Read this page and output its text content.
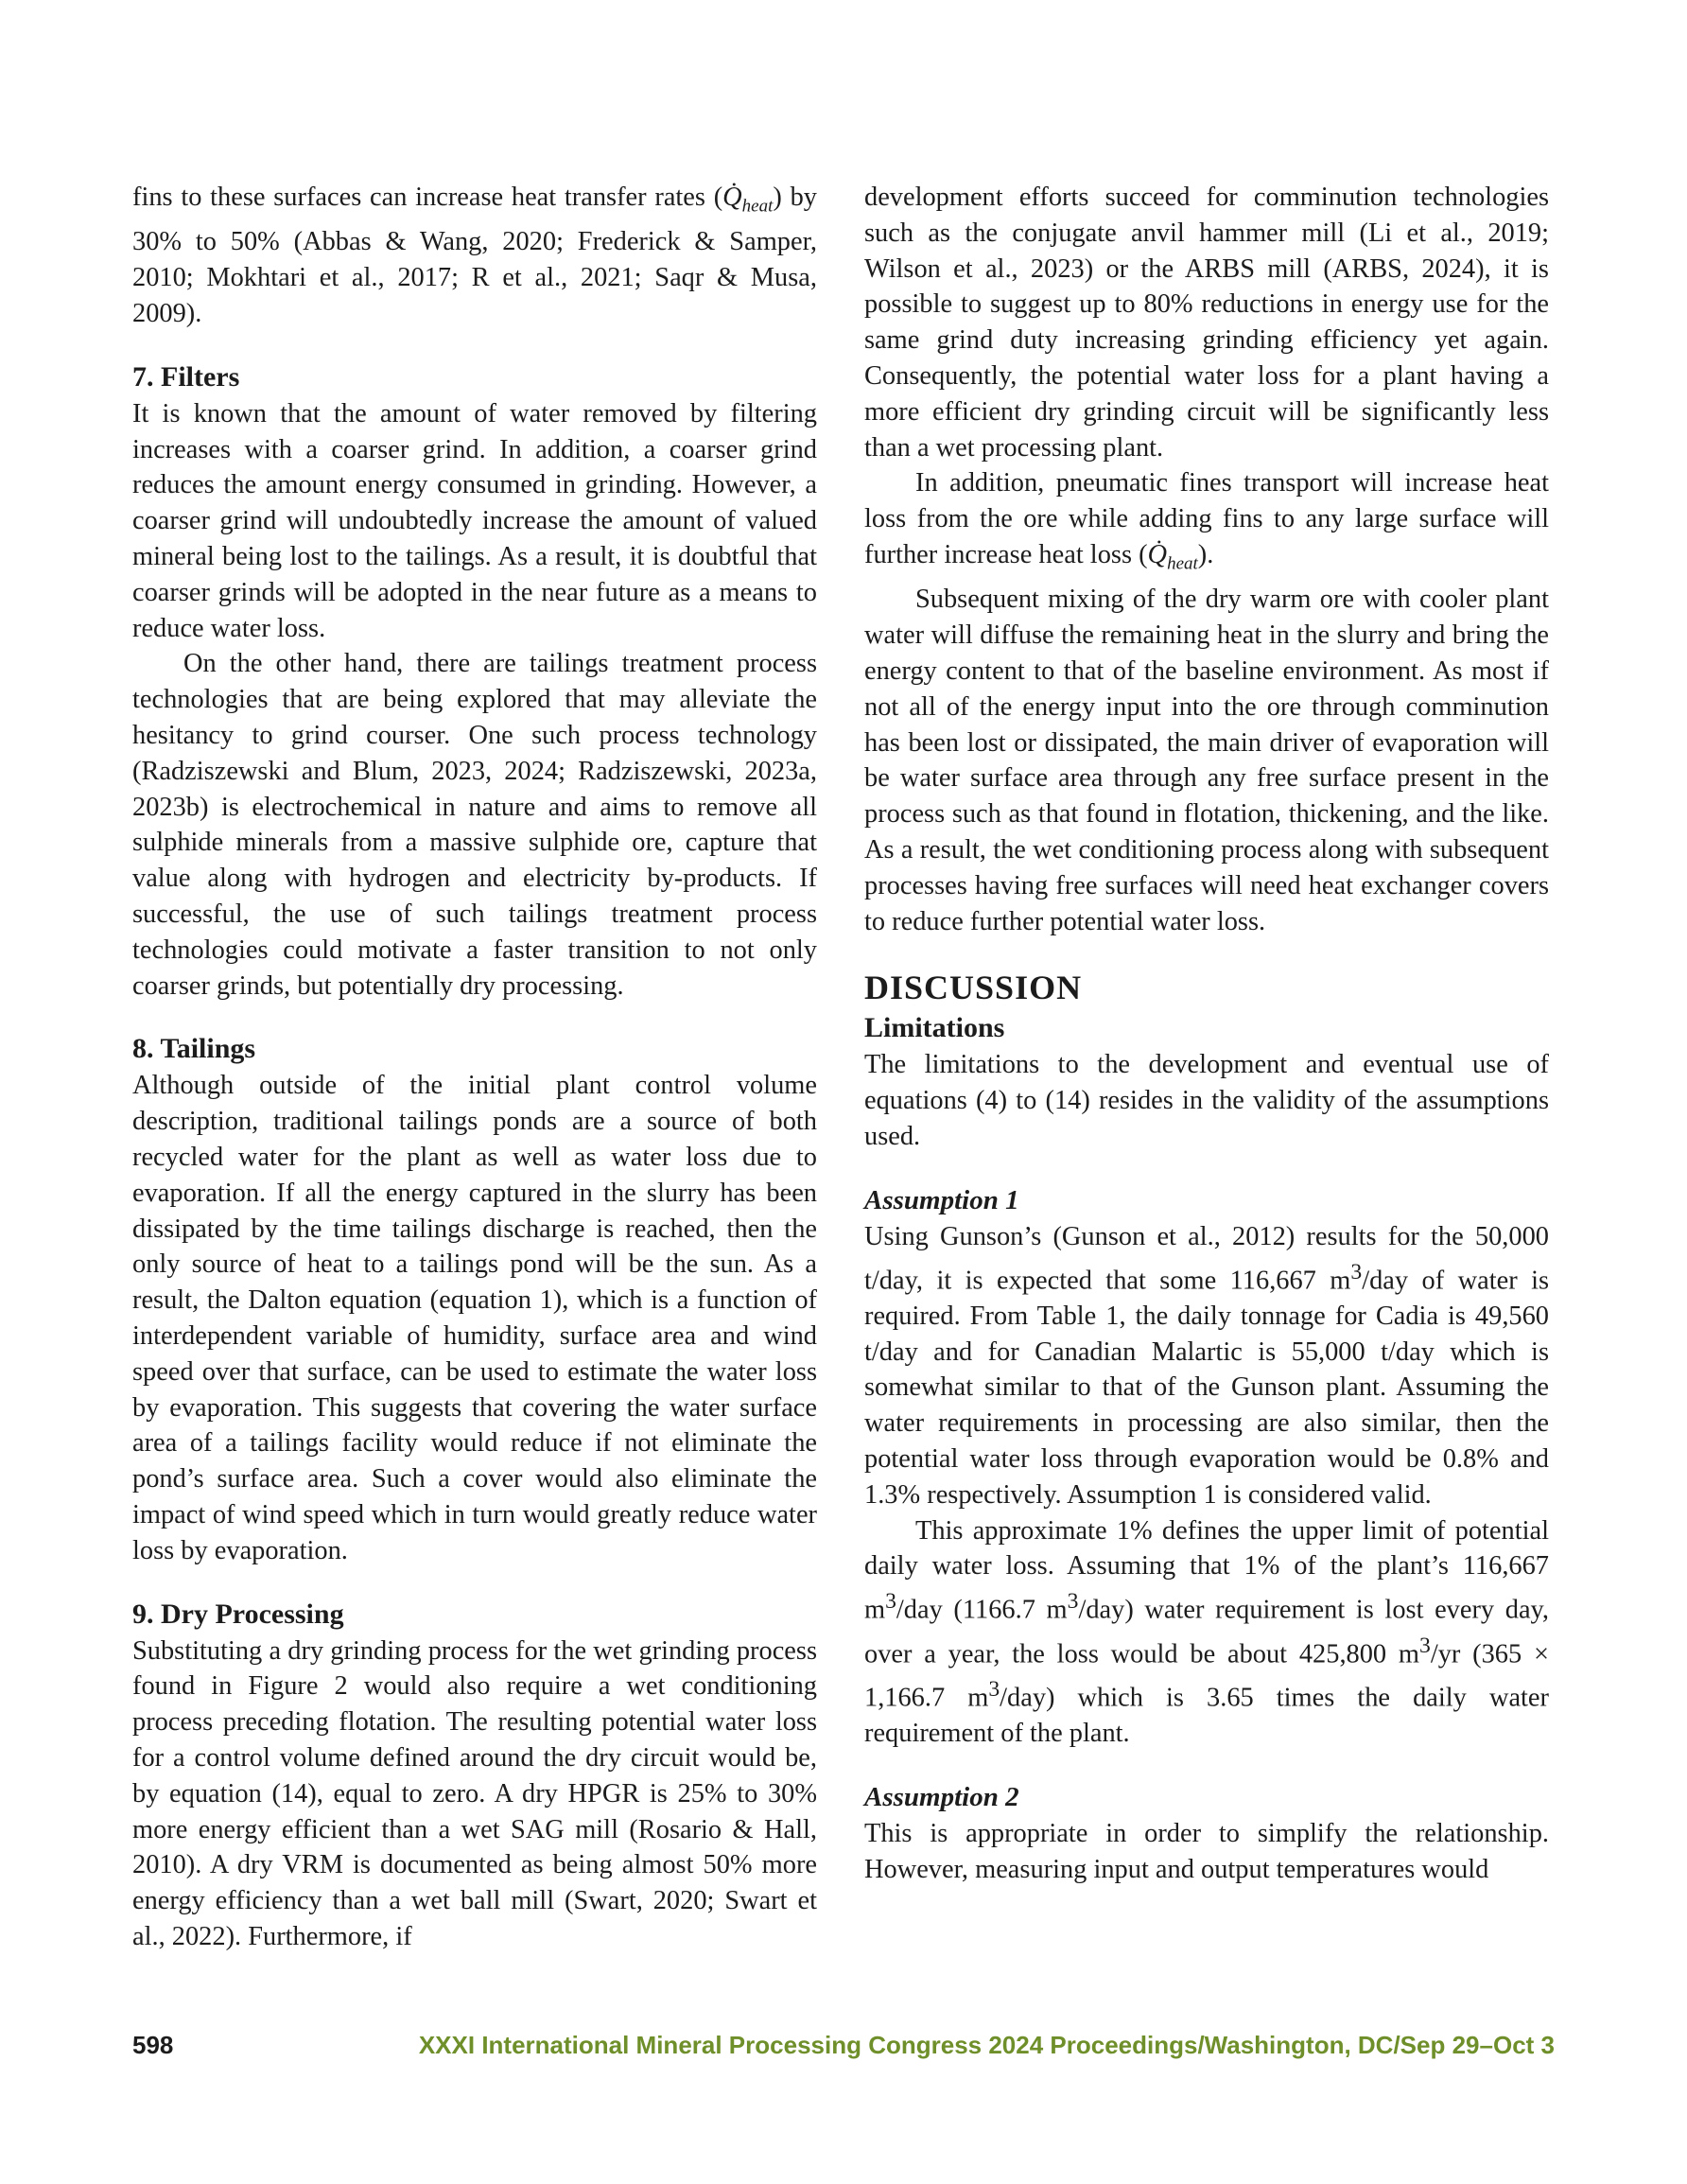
fins to these surfaces can increase heat transfer rates $(Q̇_{heat})$ by 30% to 50% (Abbas & Wang, 2020; Frederick & Samper, 2010; Mokhtari et al., 2017; R et al., 2021; Saqr & Musa, 2009).

7. Filters

It is known that the amount of water removed by filtering increases with a coarser grind. In addition, a coarser grind reduces the amount energy consumed in grinding. However, a coarser grind will undoubtedly increase the amount of valued mineral being lost to the tailings. As a result, it is doubtful that coarser grinds will be adopted in the near future as a means to reduce water loss.

On the other hand, there are tailings treatment process technologies that are being explored that may alleviate the hesitancy to grind courser. One such process technology (Radziszewski and Blum, 2023, 2024; Radziszewski, 2023a, 2023b) is electrochemical in nature and aims to remove all sulphide minerals from a massive sulphide ore, capture that value along with hydrogen and electricity by-products. If successful, the use of such tailings treatment process technologies could motivate a faster transition to not only coarser grinds, but potentially dry processing.

8. Tailings

Although outside of the initial plant control volume description, traditional tailings ponds are a source of both recycled water for the plant as well as water loss due to evaporation. If all the energy captured in the slurry has been dissipated by the time tailings discharge is reached, then the only source of heat to a tailings pond will be the sun. As a result, the Dalton equation (equation 1), which is a function of interdependent variable of humidity, surface area and wind speed over that surface, can be used to estimate the water loss by evaporation. This suggests that covering the water surface area of a tailings facility would reduce if not eliminate the pond’s surface area. Such a cover would also eliminate the impact of wind speed which in turn would greatly reduce water loss by evaporation.

9. Dry Processing

Substituting a dry grinding process for the wet grinding process found in Figure 2 would also require a wet conditioning process preceding flotation. The resulting potential water loss for a control volume defined around the dry circuit would be, by equation (14), equal to zero. A dry HPGR is 25% to 30% more energy efficient than a wet SAG mill (Rosario & Hall, 2010). A dry VRM is documented as being almost 50% more energy efficiency than a wet ball mill (Swart, 2020; Swart et al., 2022). Furthermore, if

development efforts succeed for comminution technologies such as the conjugate anvil hammer mill (Li et al., 2019; Wilson et al., 2023) or the ARBS mill (ARBS, 2024), it is possible to suggest up to 80% reductions in energy use for the same grind duty increasing grinding efficiency yet again. Consequently, the potential water loss for a plant having a more efficient dry grinding circuit will be significantly less than a wet processing plant.

In addition, pneumatic fines transport will increase heat loss from the ore while adding fins to any large surface will further increase heat loss $(Q̇_{heat})$.

Subsequent mixing of the dry warm ore with cooler plant water will diffuse the remaining heat in the slurry and bring the energy content to that of the baseline environment. As most if not all of the energy input into the ore through comminution has been lost or dissipated, the main driver of evaporation will be water surface area through any free surface present in the process such as that found in flotation, thickening, and the like. As a result, the wet conditioning process along with subsequent processes having free surfaces will need heat exchanger covers to reduce further potential water loss.

DISCUSSION
Limitations

The limitations to the development and eventual use of equations (4) to (14) resides in the validity of the assumptions used.

Assumption 1

Using Gunson’s (Gunson et al., 2012) results for the 50,000 t/day, it is expected that some 116,667 $m^3$/day of water is required. From Table 1, the daily tonnage for Cadia is 49,560 t/day and for Canadian Malartic is 55,000 t/day which is somewhat similar to that of the Gunson plant. Assuming the water requirements in processing are also similar, then the potential water loss through evaporation would be 0.8% and 1.3% respectively. Assumption 1 is considered valid.

This approximate 1% defines the upper limit of potential daily water loss. Assuming that 1% of the plant’s 116,667 $m^3$/day (1166.7 $m^3/day$) water requirement is lost every day, over a year, the loss would be about 425,800 $m^3/yr$ (365 × 1,166.7 $m^3/day$) which is 3.65 times the daily water requirement of the plant.

Assumption 2

This is appropriate in order to simplify the relationship. However, measuring input and output temperatures would

598	XXXI International Mineral Processing Congress 2024 Proceedings/Washington, DC/Sep 29–Oct 3
